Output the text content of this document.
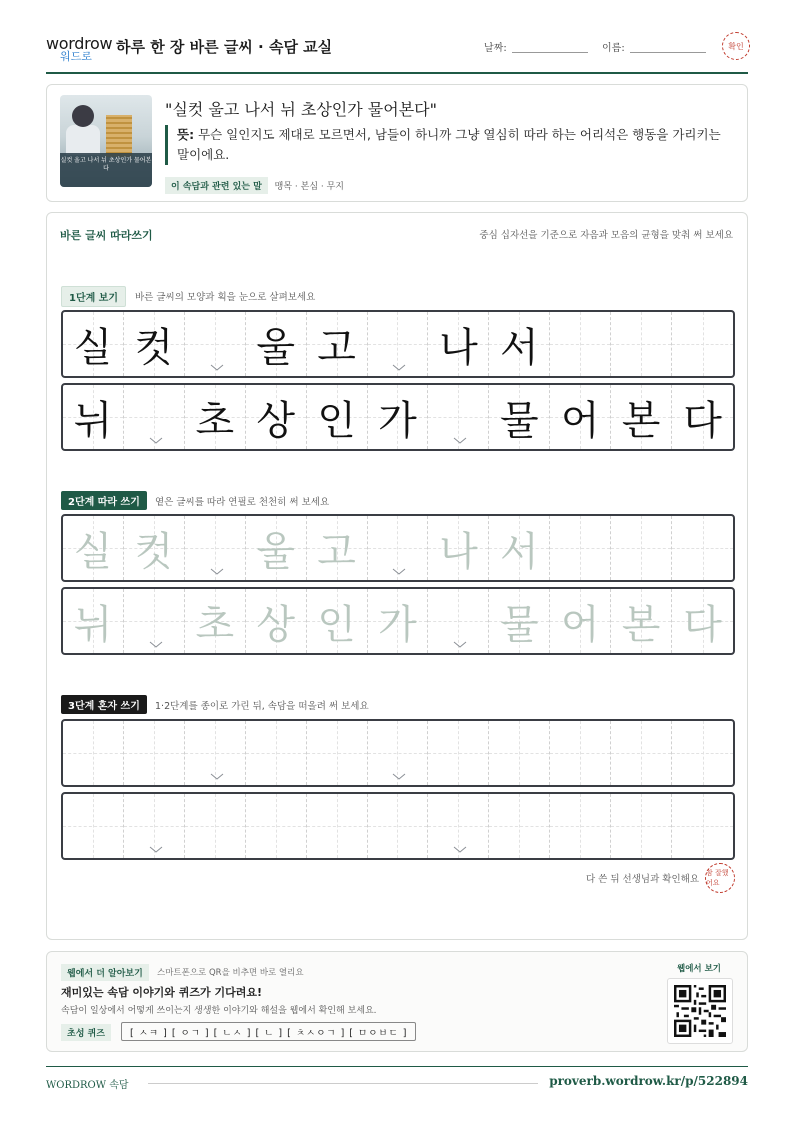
wordrow
워드로
하루 한 장 바른 글씨 · 속담 교실	날짜:	이름:	확인
실컷 울고 나서 뉘 초상인가 물어본다
"실컷 울고 나서 뉘 초상인가 물어본다"
뜻: 무슨 일인지도 제대로 모르면서, 남들이 하니까 그냥 열심히 따라 하는 어리석은 행동을 가리키는 말이에요.
이 속담과 관련 있는 말 맹목 · 본심 · 무지
바른 글씨 따라쓰기	중심 십자선을 기준으로 자음과 모음의 균형을 맞춰 써 보세요
1단계 보기	바른 글씨의 모양과 획을 눈으로 살펴보세요
실 컷 울 고 나 서
뉘 초 상 인 가 물 어 본 다
2단계 따라 쓰기	옅은 글씨를 따라 연필로 천천히 써 보세요
실 컷 울 고 나 서
뉘 초 상 인 가 물 어 본 다
3단계 혼자 쓰기	1·2단계를 종이로 가린 뒤, 속담을 떠올려 써 보세요
다 쓴 뒤 선생님과 확인해요
참 잘했어요
웹에서 더 알아보기	스마트폰으로 QR을 비추면 바로 열리요
재미있는 속담 이야기와 퀴즈가 기다려요!
속담이 일상에서 어떻게 쓰이는지 생생한 이야기와 해설을 웹에서 확인해 보세요.
초성 퀴즈	[ ㅅㅋ ] [ ㅇㄱ ] [ ㄴㅅ ] [ ㄴ ] [ ㅊㅅㅇㄱ ] [ ㅁㅇㅂㄷ ]
웹에서 보기
WORDROW 속담	proverb.wordrow.kr/p/522894
